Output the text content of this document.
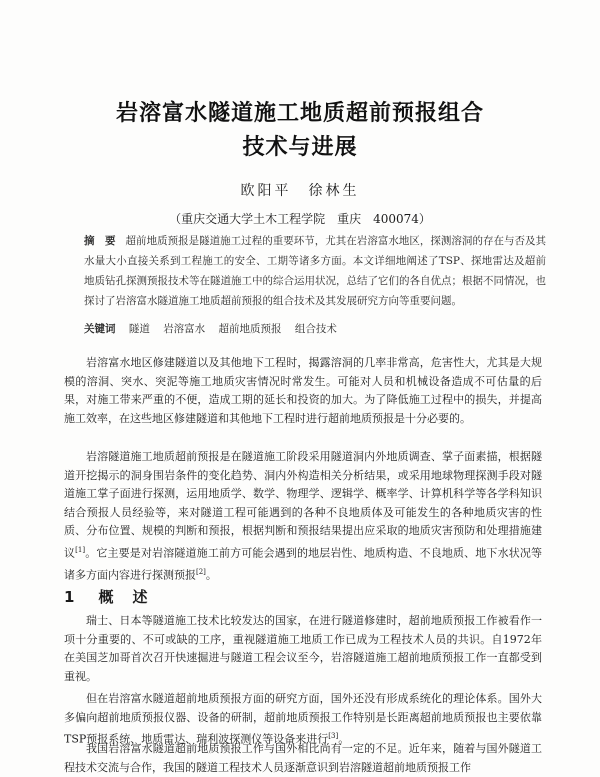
岩溶富水隧道施工地质超前预报组合
技术与进展
欧阳平　徐林生
（重庆交通大学土木工程学院　重庆　400074）
摘　要 超前地质预报是隧道施工过程的重要环节，尤其在岩溶富水地区，探测溶洞的存在与否及其水量大小直接关系到工程施工的安全、工期等诸多方面。本文详细地阐述了TSP、探地雷达及超前地质钻孔探测预报技术等在隧道施工中的综合运用状况，总结了它们的各自优点；根据不同情况，也探讨了岩溶富水隧道施工地质超前预报的组合技术及其发展研究方向等重要问题。
关键词 隧道 岩溶富水 超前地质预报 组合技术

岩溶富水地区修建隧道以及其他地下工程时，揭露溶洞的几率非常高，危害性大，尤其是大规模的溶洞、突水、突泥等施工地质灾害情况时常发生。可能对人员和机械设备造成不可估量的后果，对施工带来严重的不便，造成工期的延长和投资的加大。为了降低施工过程中的损失，并提高施工效率，在这些地区修建隧道和其他地下工程时进行超前地质预报是十分必要的。

岩溶隧道施工地质超前预报是在隧道施工阶段采用隧道洞内外地质调查、掌子面素描，根据隧道开挖揭示的洞身围岩条件的变化趋势、洞内外构造相关分析结果，或采用地球物理探测手段对隧道施工掌子面进行探测，运用地质学、数学、物理学、逻辑学、概率学、计算机科学等各学科知识结合预报人员经验等，来对隧道工程可能遇到的各种不良地质体及可能发生的各种地质灾害的性质、分布位置、规模的判断和预报，根据判断和预报结果提出应采取的地质灾害预防和处理措施建议[1]。它主要是对岩溶隧道施工前方可能会遇到的地层岩性、地质构造、不良地质、地下水状况等诸多方面内容进行探测预报[2]。

1 概　述

瑞士、日本等隧道施工技术比较发达的国家，在进行隧道修建时，超前地质预报工作被看作一项十分重要的、不可或缺的工序，重视隧道施工地质工作已成为工程技术人员的共识。自1972年在美国芝加哥首次召开快速掘进与隧道工程会议至今，岩溶隧道施工超前地质预报工作一直都受到重视。

但在岩溶富水隧道超前地质预报方面的研究方面，国外还没有形成系统化的理论体系。国外大多偏向超前地质预报仪器、设备的研制，超前地质预报工作特别是长距离超前地质预报也主要依靠TSP预报系统、地质雷达、瑞利波探测仪等设备来进行[3]。

我国岩溶富水隧道超前地质预报工作与国外相比尚有一定的不足。近年来，随着与国外隧道工程技术交流与合作，我国的隧道工程技术人员逐渐意识到岩溶隧道超前地质预报工作
